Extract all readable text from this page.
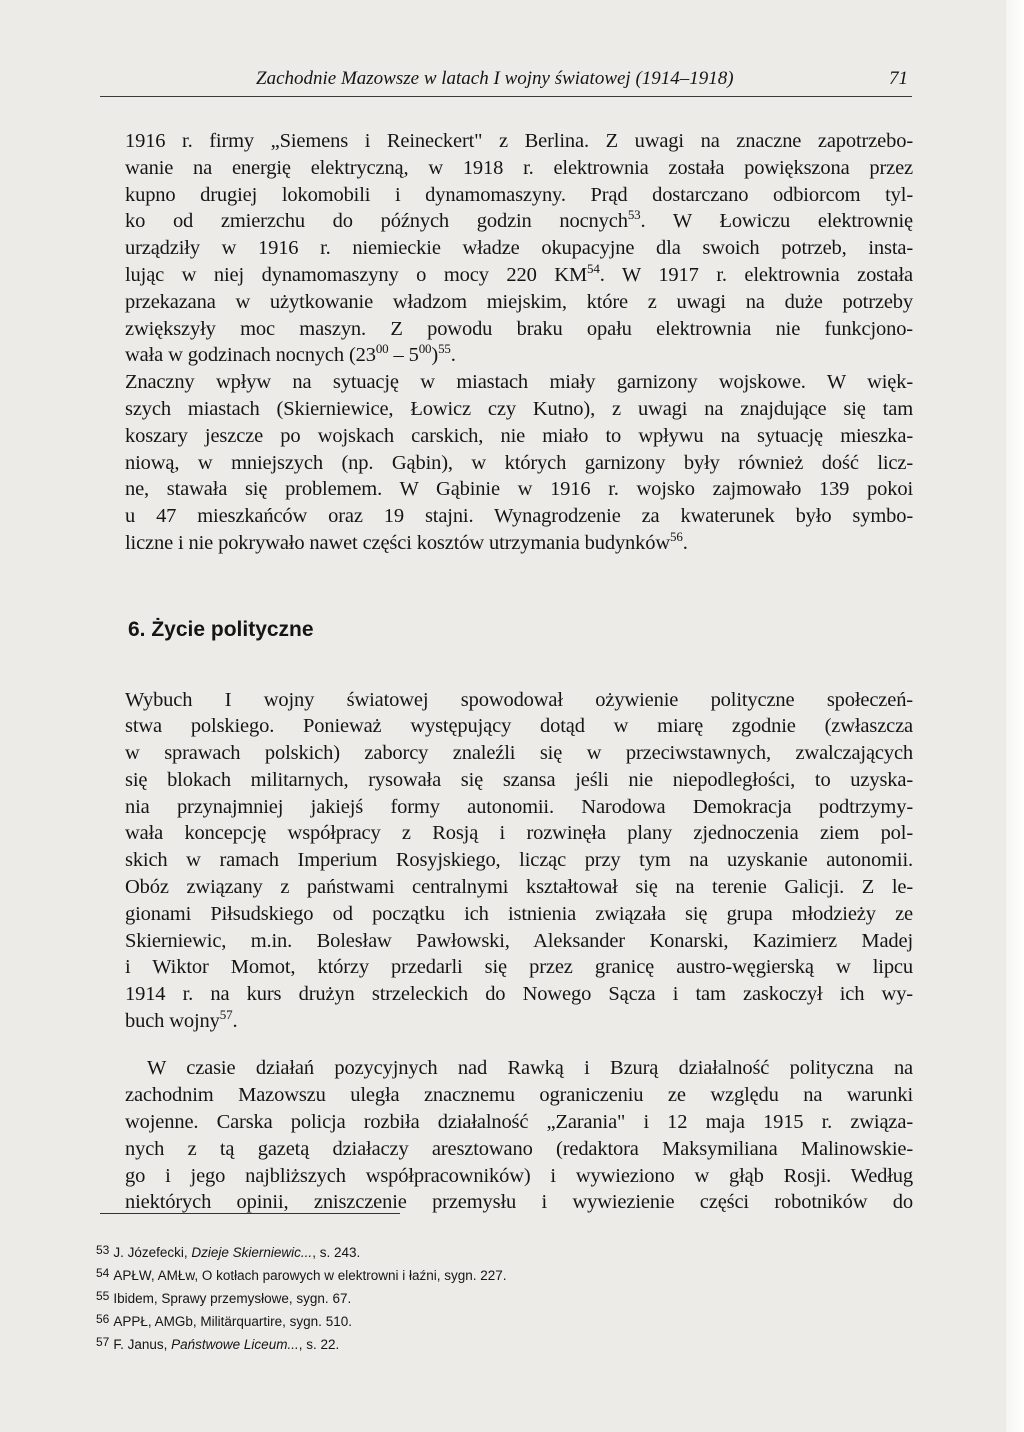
Zachodnie Mazowsze w latach I wojny światowej (1914–1918)	71

1916 r. firmy „Siemens i Reineckert" z Berlina. Z uwagi na znaczne zapotrzebo-
wanie na energię elektryczną, w 1918 r. elektrownia została powiększona przez
kupno drugiej lokomobili i dynamomaszyny. Prąd dostarczano odbiorcom tyl-
ko od zmierzchu do późnych godzin nocnych$^{53}$. W Łowiczu elektrownię
urządziły w 1916 r. niemieckie władze okupacyjne dla swoich potrzeb, insta-
lując w niej dynamomaszyny o mocy 220 KM$^{54}$. W 1917 r. elektrownia została
przekazana w użytkowanie władzom miejskim, które z uwagi na duże potrzeby
zwiększyły moc maszyn. Z powodu braku opału elektrownia nie funkcjono-
wała w godzinach nocnych $(23^{00} - 5^{00})^{55}$.

Znaczny wpływ na sytuację w miastach miały garnizony wojskowe. W więk-
szych miastach (Skierniewice, Łowicz czy Kutno), z uwagi na znajdujące się tam
koszary jeszcze po wojskach carskich, nie miało to wpływu na sytuację mieszka-
niową, w mniejszych (np. Gąbin), w których garnizony były również dość licz-
ne, stawała się problemem. W Gąbinie w 1916 r. wojsko zajmowało 139 pokoi
u 47 mieszkańców oraz 19 stajni. Wynagrodzenie za kwaterunek było symbo-
liczne i nie pokrywało nawet części kosztów utrzymania budynków$^{56}$.

6. Życie polityczne

Wybuch I wojny światowej spowodował ożywienie polityczne społeczeń-
stwa polskiego. Ponieważ występujący dotąd w miarę zgodnie (zwłaszcza
w sprawach polskich) zaborcy znaleźli się w przeciwstawnych, zwalczających
się blokach militarnych, rysowała się szansa jeśli nie niepodległości, to uzyska-
nia przynajmniej jakiejś formy autonomii. Narodowa Demokracja podtrzymy-
wała koncepcję współpracy z Rosją i rozwinęła plany zjednoczenia ziem pol-
skich w ramach Imperium Rosyjskiego, licząc przy tym na uzyskanie autonomii.
Obóz związany z państwami centralnymi kształtował się na terenie Galicji. Z le-
gionami Piłsudskiego od początku ich istnienia związała się grupa młodzieży ze
Skierniewic, m.in. Bolesław Pawłowski, Aleksander Konarski, Kazimierz Madej
i Wiktor Momot, którzy przedarli się przez granicę austro-węgierską w lipcu
1914 r. na kurs drużyn strzeleckich do Nowego Sącza i tam zaskoczył ich wy-
buch wojny$^{57}$.

W czasie działań pozycyjnych nad Rawką i Bzurą działalność polityczna na
zachodnim Mazowszu uległa znacznemu ograniczeniu ze względu na warunki
wojenne. Carska policja rozbiła działalność „Zarania" i 12 maja 1915 r. związa-
nych z tą gazetą działaczy aresztowano (redaktora Maksymiliana Malinowskie-
go i jego najbliższych współpracowników) i wywieziono w głąb Rosji. Według
niektórych opinii, zniszczenie przemysłu i wywiezienie części robotników do

53 J. Józefecki, Dzieje Skierniewic..., s. 243.
54 APŁW, AMŁw, O kotłach parowych w elektrowni i łaźni, sygn. 227.
55 Ibidem, Sprawy przemysłowe, sygn. 67.
56 APPŁ, AMGb, Militärquartire, sygn. 510.
57 F. Janus, Państwowe Liceum..., s. 22.
